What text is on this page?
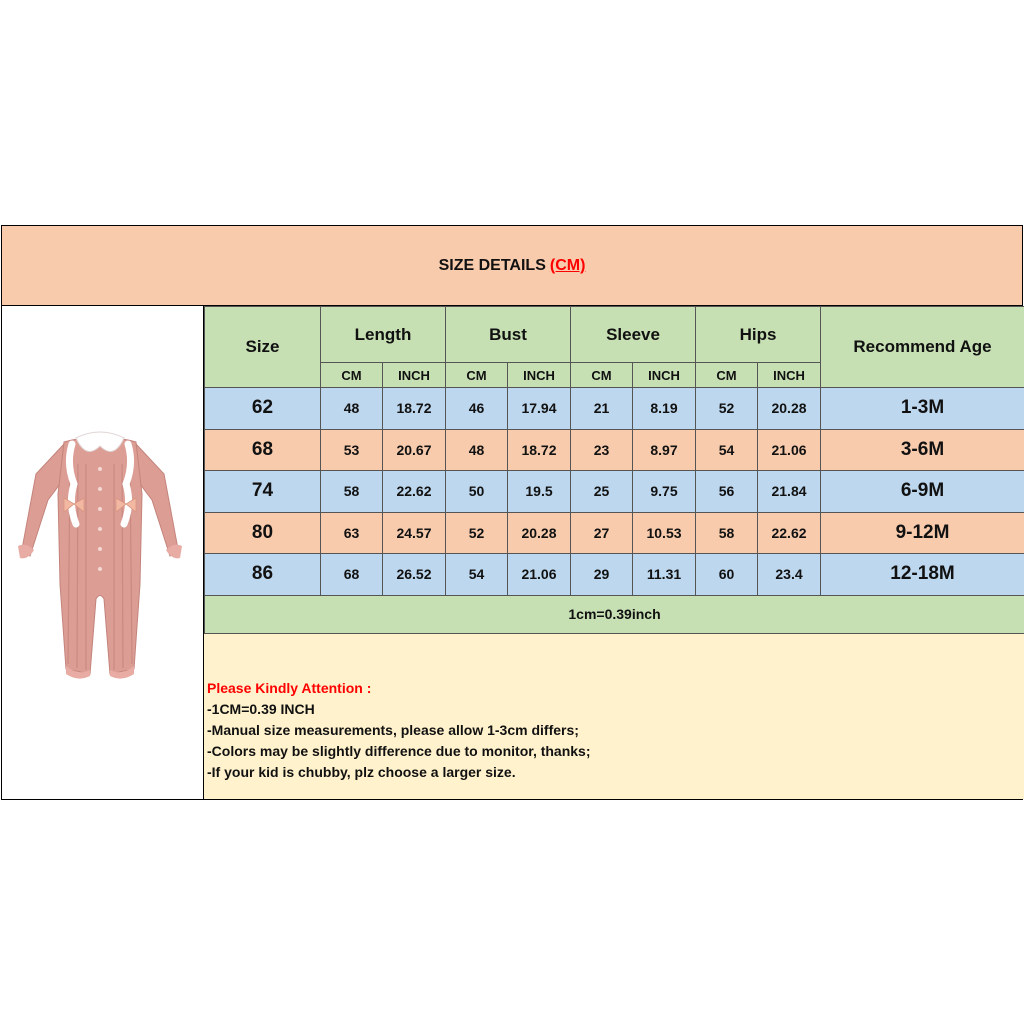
SIZE DETAILS (CM)
Size	Length		Bust		Sleeve		Hips		Recommend Age
	CM	INCH	CM	INCH	CM	INCH	CM	INCH	
62	48	18.72	46	17.94	21	8.19	52	20.28	1-3M
68	53	20.67	48	18.72	23	8.97	54	21.06	3-6M
74	58	22.62	50	19.5	25	9.75	56	21.84	6-9M
80	63	24.57	52	20.28	27	10.53	58	22.62	9-12M
86	68	26.52	54	21.06	29	11.31	60	23.4	12-18M
1cm=0.39inch									
Please Kindly Attention :
-1CM=0.39 INCH
-Manual size measurements, please allow 1-3cm differs;
-Colors may be slightly difference due to monitor, thanks;
-If your kid is chubby, plz choose a larger size.
